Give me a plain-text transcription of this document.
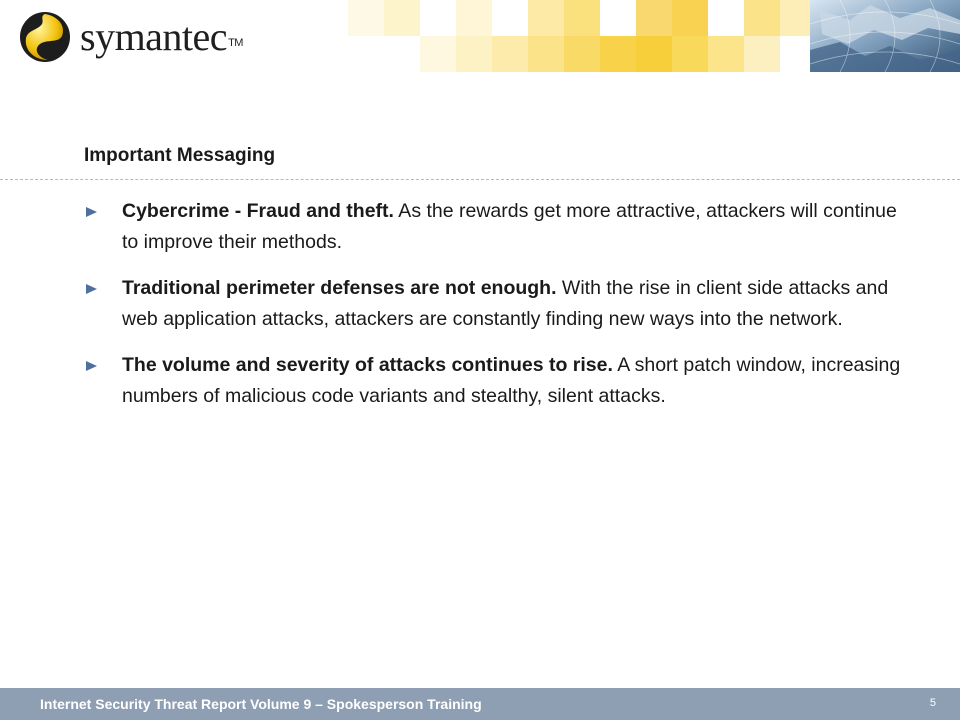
symantecTM
Important Messaging
Cybercrime - Fraud and theft. As the rewards get more attractive, attackers will continue to improve their methods.
Traditional perimeter defenses are not enough. With the rise in client side attacks and web application attacks, attackers are constantly finding new ways into the network.
The volume and severity of attacks continues to rise. A short patch window, increasing numbers of malicious code variants and stealthy, silent attacks.
Internet Security Threat Report Volume 9 – Spokesperson Training	5
